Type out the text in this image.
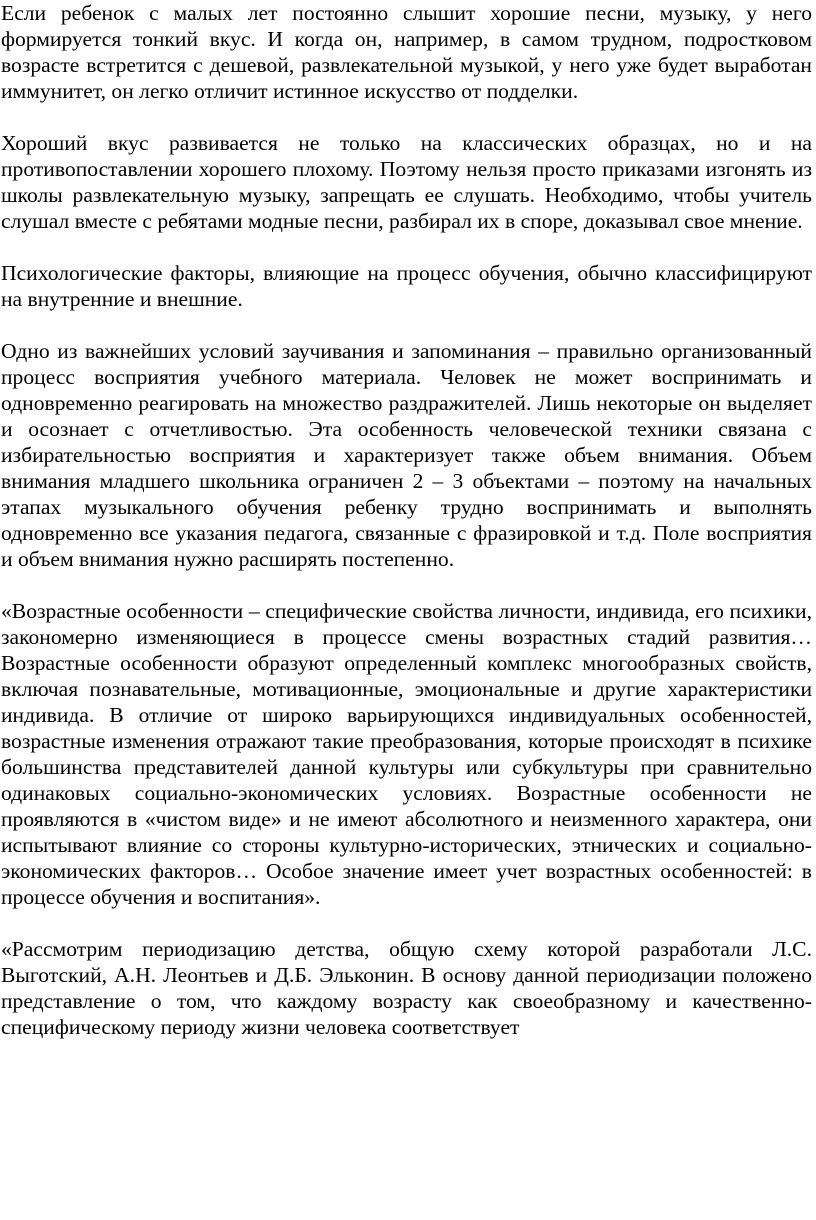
Если ребенок с малых лет постоянно слышит хорошие песни, музыку, у него формируется тонкий вкус. И когда он, например, в самом трудном, подростковом возрасте встретится с дешевой, развлекательной музыкой, у него уже будет выработан иммунитет, он легко отличит истинное искусство от подделки.

Хороший вкус развивается не только на классических образцах, но и на противопоставлении хорошего плохому. Поэтому нельзя просто приказами изгонять из школы развлекательную музыку, запрещать ее слушать. Необходимо, чтобы учитель слушал вместе с ребятами модные песни, разбирал их в споре, доказывал свое мнение.

Психологические факторы, влияющие на процесс обучения, обычно классифицируют на внутренние и внешние.

Одно из важнейших условий заучивания и запоминания – правильно организованный процесс восприятия учебного материала. Человек не может воспринимать и одновременно реагировать на множество раздражителей. Лишь некоторые он выделяет и осознает с отчетливостью. Эта особенность человеческой техники связана с избирательностью восприятия и характеризует также объем внимания. Объем внимания младшего школьника ограничен 2 – 3 объектами – поэтому на начальных этапах музыкального обучения ребенку трудно воспринимать и выполнять одновременно все указания педагога, связанные с фразировкой и т.д. Поле восприятия и объем внимания нужно расширять постепенно.

«Возрастные особенности – специфические свойства личности, индивида, его психики, закономерно изменяющиеся в процессе смены возрастных стадий развития… Возрастные особенности образуют определенный комплекс многообразных свойств, включая познавательные, мотивационные, эмоциональные и другие характеристики индивида. В отличие от широко варьирующихся индивидуальных особенностей, возрастные изменения отражают такие преобразования, которые происходят в психике большинства представителей данной культуры или субкультуры при сравнительно одинаковых социально-экономических условиях. Возрастные особенности не проявляются в «чистом виде» и не имеют абсолютного и неизменного характера, они испытывают влияние со стороны культурно-исторических, этнических и социально-экономических факторов… Особое значение имеет учет возрастных особенностей: в процессе обучения и воспитания».

«Рассмотрим периодизацию детства, общую схему которой разработали Л.С. Выготский, А.Н. Леонтьев и Д.Б. Эльконин. В основу данной периодизации положено представление о том, что каждому возрасту как своеобразному и качественно-специфическому периоду жизни человека соответствует
